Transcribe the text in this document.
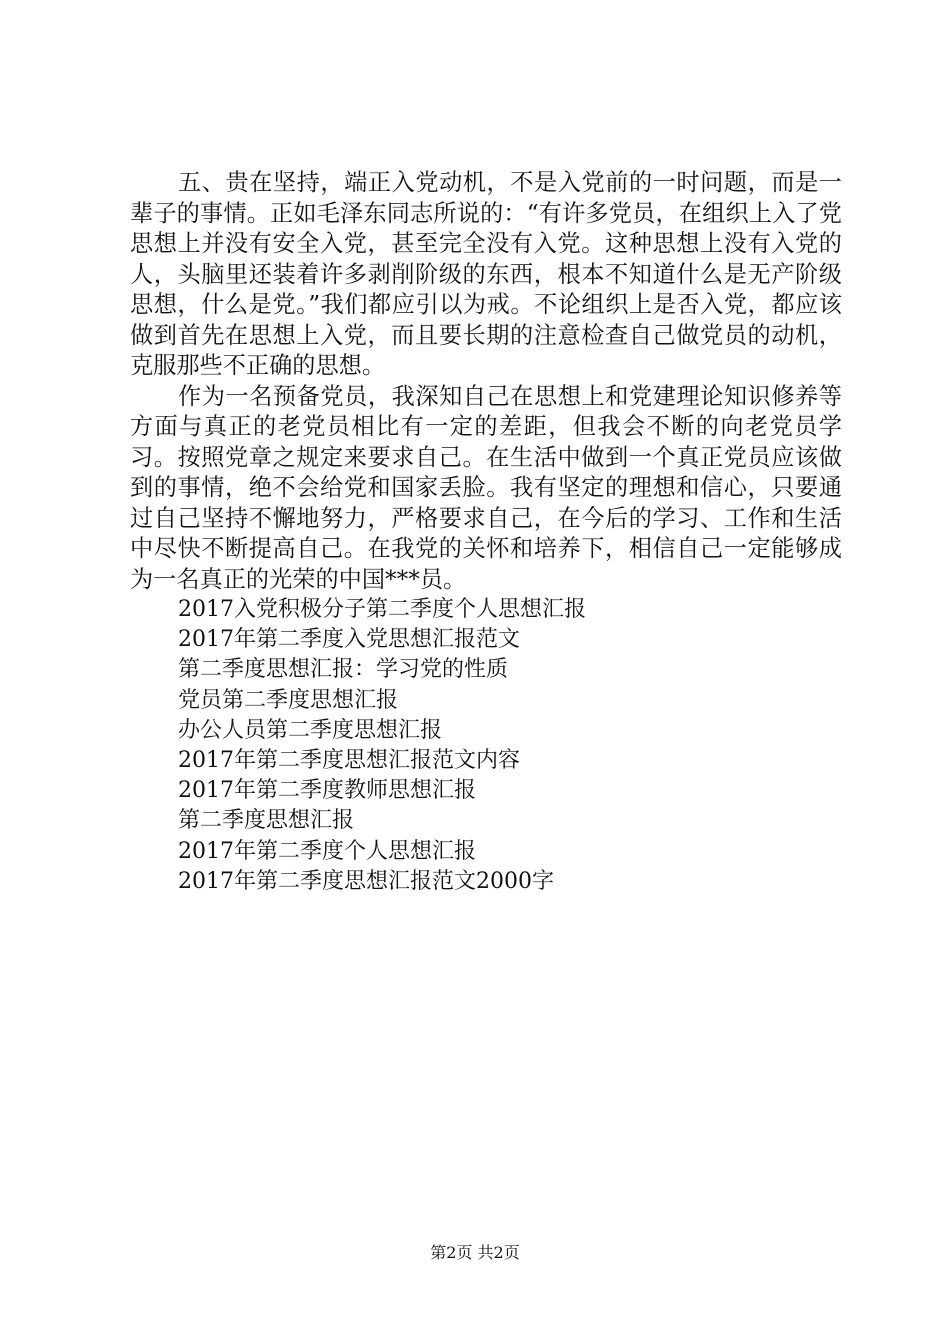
五、贵在坚持，端正入党动机，不是入党前的一时问题，而是一辈子的事情。正如毛泽东同志所说的：“有许多党员，在组织上入了党思想上并没有安全入党，甚至完全没有入党。这种思想上没有入党的人，头脑里还装着许多剥削阶级的东西，根本不知道什么是无产阶级思想，什么是党。”我们都应引以为戒。不论组织上是否入党，都应该做到首先在思想上入党，而且要长期的注意检查自己做党员的动机，克服那些不正确的思想。

作为一名预备党员，我深知自己在思想上和党建理论知识修养等方面与真正的老党员相比有一定的差距，但我会不断的向老党员学习。按照党章之规定来要求自己。在生活中做到一个真正党员应该做到的事情，绝不会给党和国家丢脸。我有坚定的理想和信心，只要通过自己坚持不懈地努力，严格要求自己，在今后的学习、工作和生活中尽快不断提高自己。在我党的关怀和培养下，相信自己一定能够成为一名真正的光荣的中国***员。

2017入党积极分子第二季度个人思想汇报
2017年第二季度入党思想汇报范文
第二季度思想汇报：学习党的性质
党员第二季度思想汇报
办公人员第二季度思想汇报
2017年第二季度思想汇报范文内容
2017年第二季度教师思想汇报
第二季度思想汇报
2017年第二季度个人思想汇报
2017年第二季度思想汇报范文2000字
第2页 共2页
